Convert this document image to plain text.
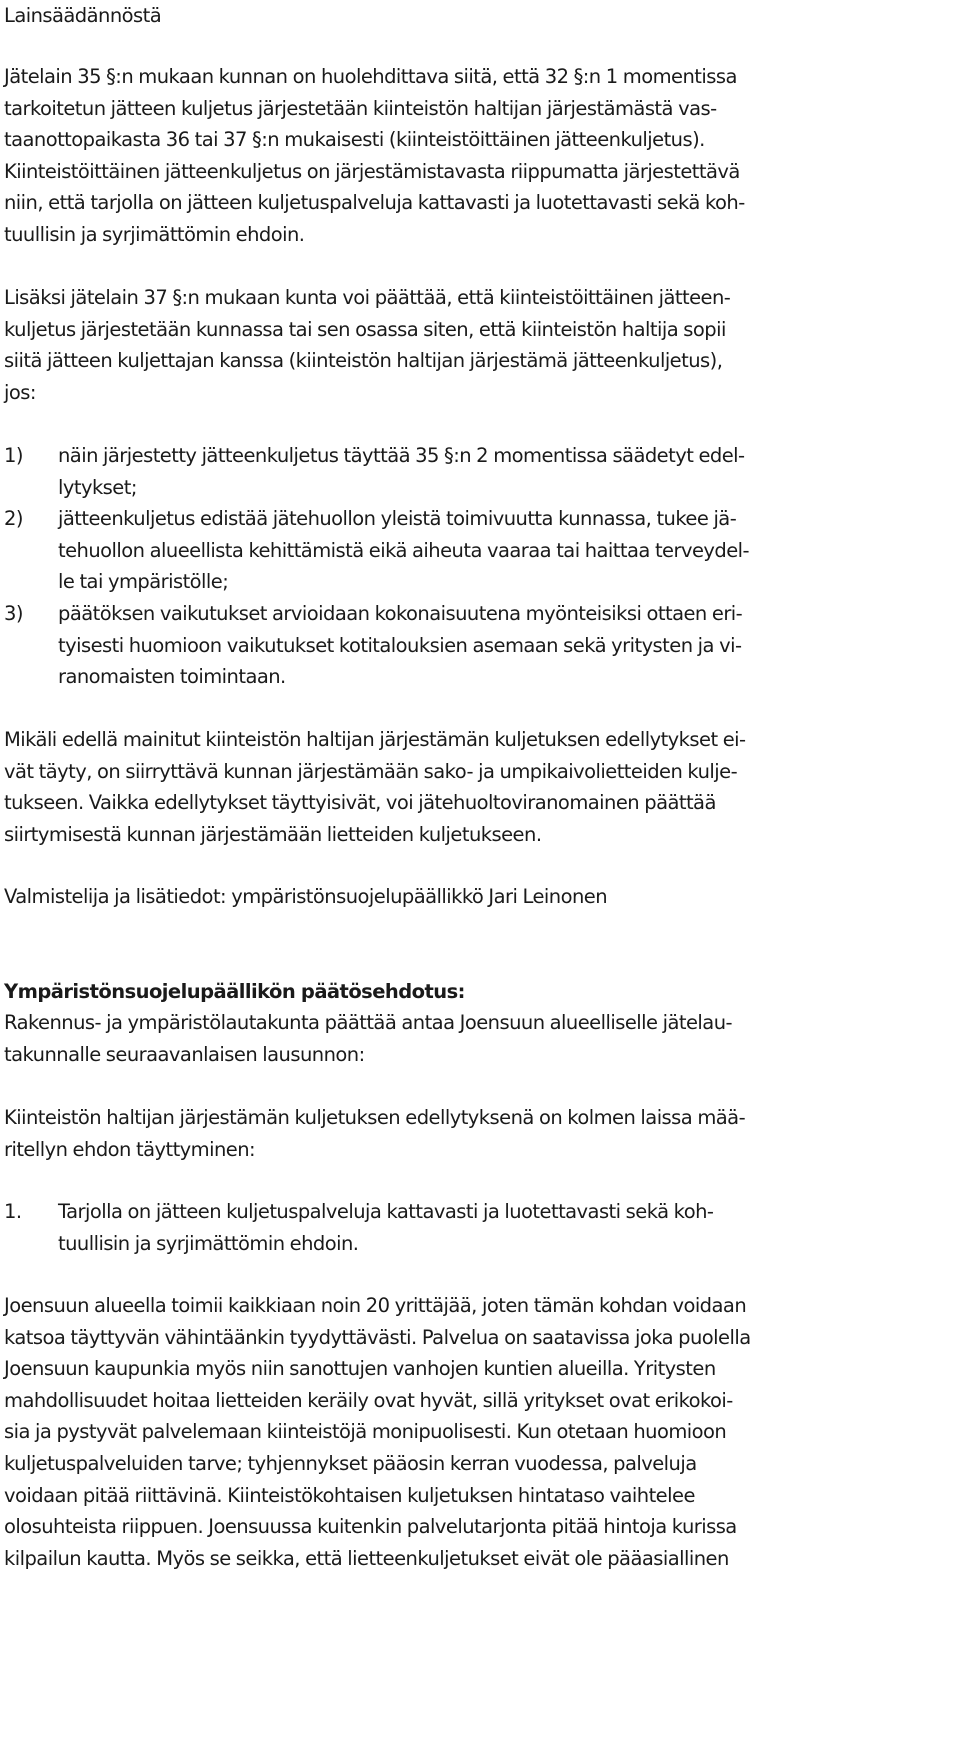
Lainsäädännöstä
Jätelain 35 §:n mukaan kunnan on huolehdittava siitä, että 32 §:n 1 momentissa
tarkoitetun jätteen kuljetus järjestetään kiinteistön haltijan järjestämästä vas-
taanottopaikasta 36 tai 37 §:n mukaisesti (kiinteistöittäinen jätteenkuljetus).
Kiinteistöittäinen jätteenkuljetus on järjestämistavasta riippumatta järjestettävä
niin, että tarjolla on jätteen kuljetuspalveluja kattavasti ja luotettavasti sekä koh-
tuullisin ja syrjimättömin ehdoin.
Lisäksi jätelain 37 §:n mukaan kunta voi päättää, että kiinteistöittäinen jätteen-
kuljetus järjestetään kunnassa tai sen osassa siten, että kiinteistön haltija sopii
siitä jätteen kuljettajan kanssa (kiinteistön haltijan järjestämä jätteenkuljetus),
jos:
1) näin järjestetty jätteenkuljetus täyttää 35 §:n 2 momentissa säädetyt edel-
lytykset;
2) jätteenkuljetus edistää jätehuollon yleistä toimivuutta kunnassa, tukee jä-
tehuollon alueellista kehittämistä eikä aiheuta vaaraa tai haittaa terveydel-
le tai ympäristölle;
3) päätöksen vaikutukset arvioidaan kokonaisuutena myönteisiksi ottaen eri-
tyisesti huomioon vaikutukset kotitalouksien asemaan sekä yritysten ja vi-
ranomaisten toimintaan.
Mikäli edellä mainitut kiinteistön haltijan järjestämän kuljetuksen edellytykset ei-
vät täyty, on siirryttävä kunnan järjestämään sako- ja umpikaivolietteiden kulje-
tukseen. Vaikka edellytykset täyttyisivät, voi jätehuoltoviranomainen päättää
siirtymisestä kunnan järjestämään lietteiden kuljetukseen.
Valmistelija ja lisätiedot: ympäristönsuojelupäällikkö Jari Leinonen
Ympäristönsuojelupäällikön päätösehdotus:
Rakennus- ja ympäristölautakunta päättää antaa Joensuun alueelliselle jätelau-
takunnalle seuraavanlaisen lausunnon:
Kiinteistön haltijan järjestämän kuljetuksen edellytyksenä on kolmen laissa mää-
ritellyn ehdon täyttyminen:
1. Tarjolla on jätteen kuljetuspalveluja kattavasti ja luotettavasti sekä koh-
tuullisin ja syrjimättömin ehdoin.
Joensuun alueella toimii kaikkiaan noin 20 yrittäjää, joten tämän kohdan voidaan
katsoa täyttyvän vähintäänkin tyydyttävästi. Palvelua on saatavissa joka puolella
Joensuun kaupunkia myös niin sanottujen vanhojen kuntien alueilla. Yritysten
mahdollisuudet hoitaa lietteiden keräily ovat hyvät, sillä yritykset ovat erikokoi-
sia ja pystyvät palvelemaan kiinteistöjä monipuolisesti. Kun otetaan huomioon
kuljetuspalveluiden tarve; tyhjennykset pääosin kerran vuodessa, palveluja
voidaan pitää riittävinä. Kiinteistökohtaisen kuljetuksen hintataso vaihtelee
olosuhteista riippuen. Joensuussa kuitenkin palvelutarjonta pitää hintoja kurissa
kilpailun kautta. Myös se seikka, että lietteenkuljetukset eivät ole pääasiallinen
